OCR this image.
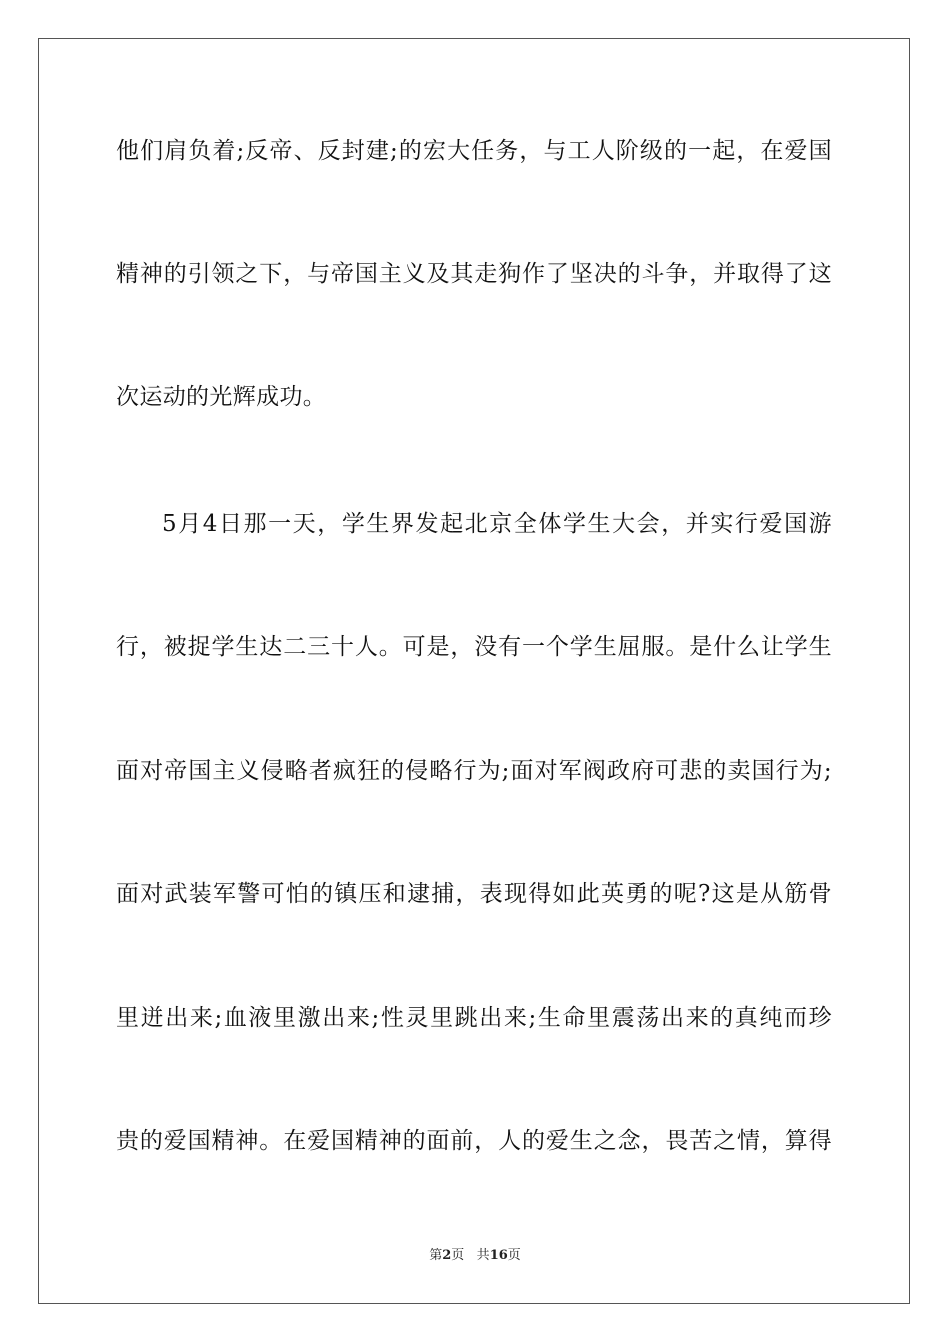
他们肩负着;反帝、反封建;的宏大任务，与工人阶级的一起，在爱国
精神的引领之下，与帝国主义及其走狗作了坚决的斗争，并取得了这
次运动的光辉成功。
5月4日那一天，学生界发起北京全体学生大会，并实行爱国游
行，被捉学生达二三十人。可是，没有一个学生屈服。是什么让学生
面对帝国主义侵略者疯狂的侵略行为;面对军阀政府可悲的卖国行为;
面对武装军警可怕的镇压和逮捕，表现得如此英勇的呢?这是从筋骨
里迸出来;血液里激出来;性灵里跳出来;生命里震荡出来的真纯而珍
贵的爱国精神。在爱国精神的面前，人的爱生之念，畏苦之情，算得
第2页 共16页
